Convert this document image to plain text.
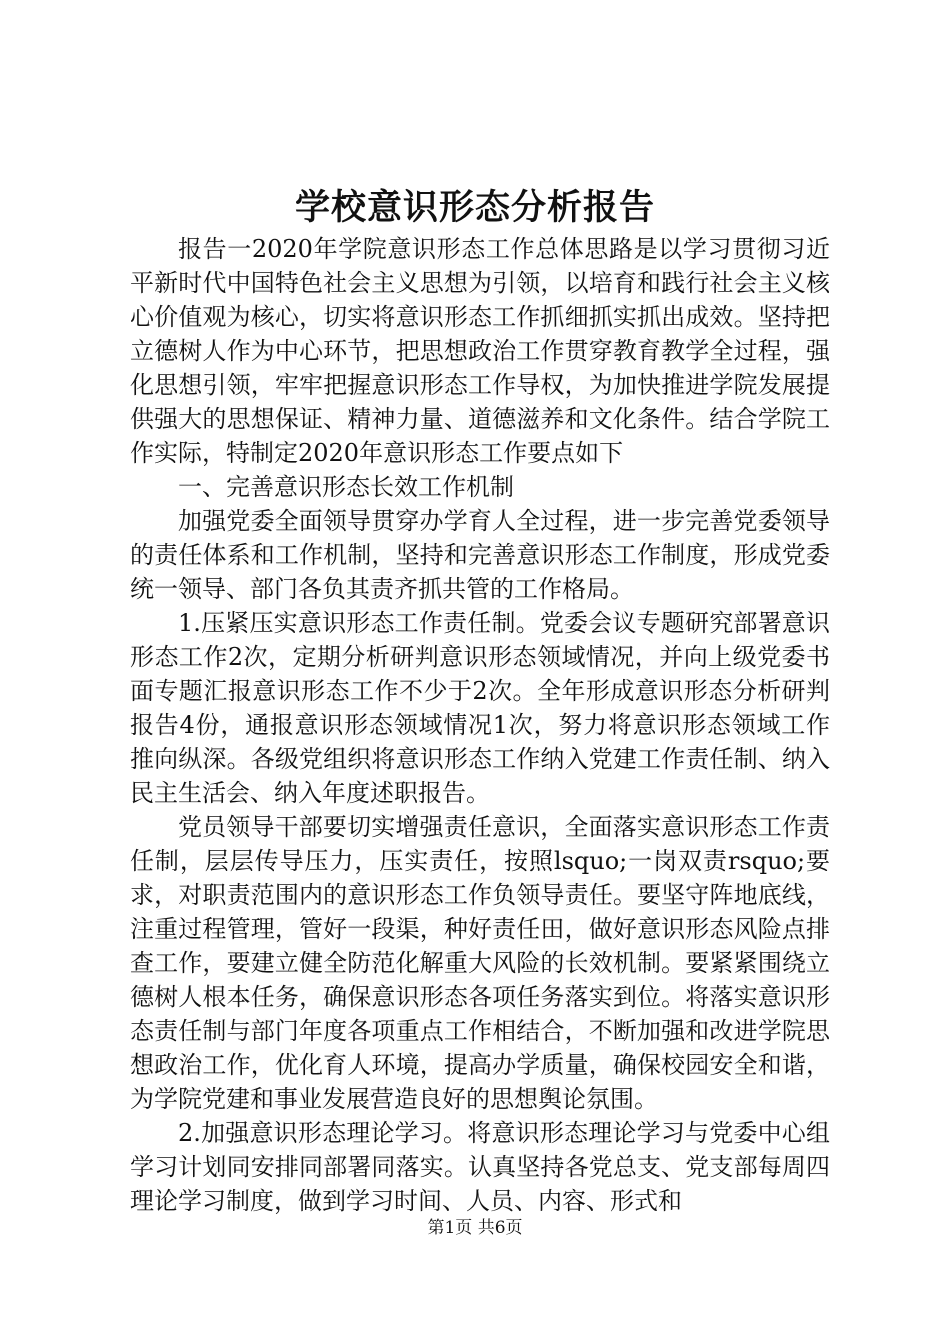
学校意识形态分析报告

报告一2020年学院意识形态工作总体思路是以学习贯彻习近平新时代中国特色社会主义思想为引领，以培育和践行社会主义核心价值观为核心，切实将意识形态工作抓细抓实抓出成效。坚持把立德树人作为中心环节，把思想政治工作贯穿教育教学全过程，强化思想引领，牢牢把握意识形态工作导权，为加快推进学院发展提供强大的思想保证、精神力量、道德滋养和文化条件。结合学院工作实际，特制定2020年意识形态工作要点如下

一、完善意识形态长效工作机制

加强党委全面领导贯穿办学育人全过程，进一步完善党委领导的责任体系和工作机制，坚持和完善意识形态工作制度，形成党委统一领导、部门各负其责齐抓共管的工作格局。

1.压紧压实意识形态工作责任制。党委会议专题研究部署意识形态工作2次，定期分析研判意识形态领域情况，并向上级党委书面专题汇报意识形态工作不少于2次。全年形成意识形态分析研判报告4份，通报意识形态领域情况1次，努力将意识形态领域工作推向纵深。各级党组织将意识形态工作纳入党建工作责任制、纳入民主生活会、纳入年度述职报告。

党员领导干部要切实增强责任意识，全面落实意识形态工作责任制，层层传导压力，压实责任，按照lsquo;一岗双责rsquo;要求，对职责范围内的意识形态工作负领导责任。要坚守阵地底线，注重过程管理，管好一段渠，种好责任田，做好意识形态风险点排查工作，要建立健全防范化解重大风险的长效机制。要紧紧围绕立德树人根本任务，确保意识形态各项任务落实到位。将落实意识形态责任制与部门年度各项重点工作相结合，不断加强和改进学院思想政治工作，优化育人环境，提高办学质量，确保校园安全和谐，为学院党建和事业发展营造良好的思想舆论氛围。

2.加强意识形态理论学习。将意识形态理论学习与党委中心组学习计划同安排同部署同落实。认真坚持各党总支、党支部每周四理论学习制度，做到学习时间、人员、内容、形式和

第1页 共6页
